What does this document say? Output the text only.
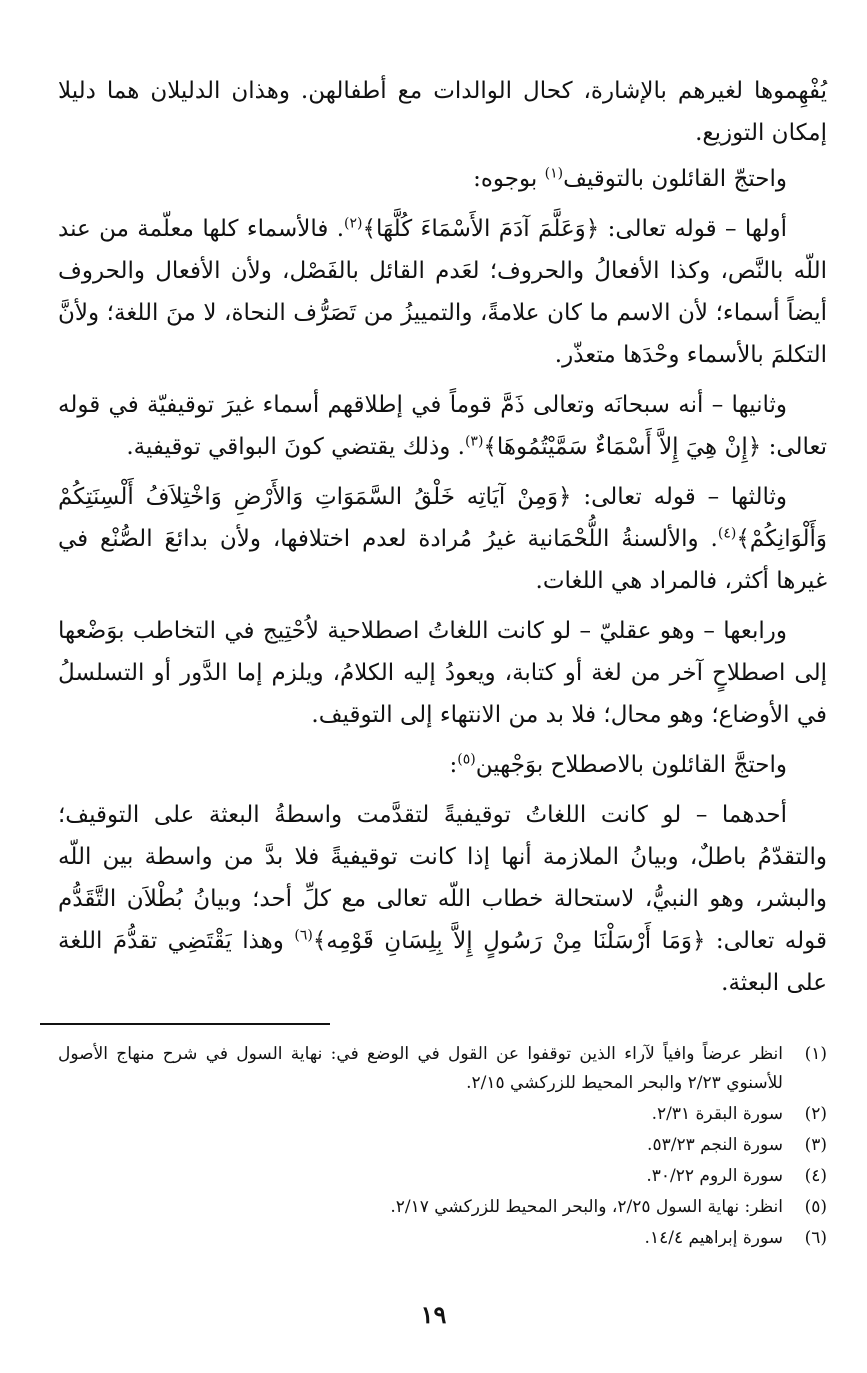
يُفْهِموها لغيرهم بالإشارة، كحال الوالدات مع أطفالهن. وهذان الدليلان هما دليلا إمكان التوزيع.

واحتجّ القائلون بالتوقيف$^{(١)}$ بوجوه:

أولها – قوله تعالى: ﴿وَعَلَّمَ آدَمَ الأَسْمَاءَ كُلَّهَا﴾$^{(٢)}$. فالأسماء كلها معلّمة من عند اللّه بالنَّص، وكذا الأفعالُ والحروف؛ لعَدم القائل بالفَصْل، ولأن الأفعال والحروف أيضاً أسماء؛ لأن الاسم ما كان علامةً، والتمييزُ من تَصَرُّف النحاة، لا منَ اللغة؛ ولأنَّ التكلمَ بالأسماء وحْدَها متعذّر.

وثانيها – أنه سبحانَه وتعالى ذَمَّ قوماً في إطلاقهم أسماء غيرَ توقيفيّة في قوله تعالى: ﴿إِنْ هِيَ إِلاَّ أَسْمَاءٌ سَمَّيْتُمُوهَا﴾$^{(٣)}$. وذلك يقتضي كونَ البواقي توقيفية.

وثالثها – قوله تعالى: ﴿وَمِنْ آيَاتِه خَلْقُ السَّمَوَاتِ وَالأَرْضِ وَاخْتِلاَفُ أَلْسِنَتِكُمْ وَأَلْوَانِكُمْ﴾$^{(٤)}$. والألسنةُ اللُّحْمَانية غيرُ مُرادة لعدم اختلافها، ولأن بدائعَ الصُّنْع في غيرها أكثر، فالمراد هي اللغات.

ورابعها – وهو عقليّ – لو كانت اللغاتُ اصطلاحية لاُحْتِيج في التخاطب بوَضْعها إلى اصطلاحٍ آخر من لغة أو كتابة، ويعودُ إليه الكلامُ، ويلزم إما الدَّور أو التسلسلُ في الأوضاع؛ وهو محال؛ فلا بد من الانتهاء إلى التوقيف.

واحتجَّ القائلون بالاصطلاح بوَجْهين$^{(٥)}$:

أحدهما – لو كانت اللغاتُ توقيفيةً لتقدَّمت واسطةُ البعثة على التوقيف؛ والتقدّمُ باطلٌ، وبيانُ الملازمة أنها إذا كانت توقيفيةً فلا بدَّ من واسطة بين اللّه والبشر، وهو النبيُّ، لاستحالة خطاب اللّه تعالى مع كلِّ أحد؛ وبيانُ بُطْلاَن التَّقَدُّم قوله تعالى: ﴿وَمَا أَرْسَلْنَا مِنْ رَسُولٍ إِلاَّ بِلِسَانِ قَوْمِه﴾$^{(٦)}$ وهذا يَقْتَضِي تقدُّمَ اللغة على البعثة.

(١)
انظر عرضاً وافياً لآراء الذين توقفوا عن القول في الوضع في: نهاية السول في شرح منهاج الأصول للأسنوي ٢/٢٣ والبحر المحيط للزركشي ٢/١٥.
(٢)
سورة البقرة ٢/٣١.
(٣)
سورة النجم ٥٣/٢٣.
(٤)
سورة الروم ٣٠/٢٢.
(٥)
انظر: نهاية السول ٢/٢٥، والبحر المحيط للزركشي ٢/١٧.
(٦)
سورة إبراهيم ١٤/٤.
١٩
